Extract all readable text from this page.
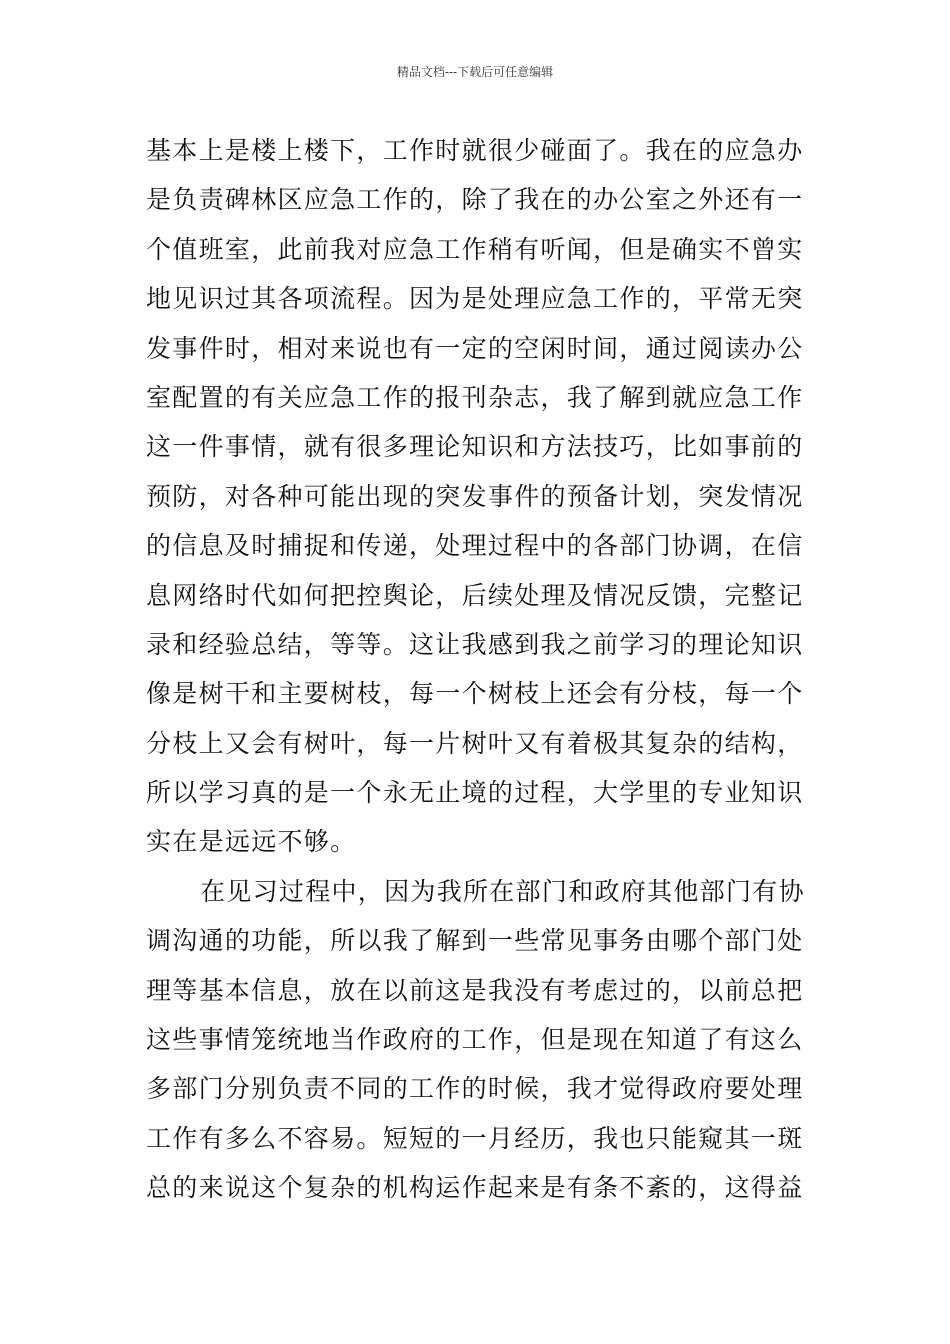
精品文档---下载后可任意编辑
基本上是楼上楼下，工作时就很少碰面了。我在的应急办
是负责碑林区应急工作的，除了我在的办公室之外还有一
个值班室，此前我对应急工作稍有听闻，但是确实不曾实
地见识过其各项流程。因为是处理应急工作的，平常无突
发事件时，相对来说也有一定的空闲时间，通过阅读办公
室配置的有关应急工作的报刊杂志，我了解到就应急工作
这一件事情，就有很多理论知识和方法技巧，比如事前的
预防，对各种可能出现的突发事件的预备计划，突发情况
的信息及时捕捉和传递，处理过程中的各部门协调，在信
息网络时代如何把控舆论，后续处理及情况反馈，完整记
录和经验总结，等等。这让我感到我之前学习的理论知识
像是树干和主要树枝，每一个树枝上还会有分枝，每一个
分枝上又会有树叶，每一片树叶又有着极其复杂的结构，
所以学习真的是一个永无止境的过程，大学里的专业知识
实在是远远不够。
在见习过程中，因为我所在部门和政府其他部门有协
调沟通的功能，所以我了解到一些常见事务由哪个部门处
理等基本信息，放在以前这是我没有考虑过的，以前总把
这些事情笼统地当作政府的工作，但是现在知道了有这么
多部门分别负责不同的工作的时候，我才觉得政府要处理
工作有多么不容易。短短的一月经历，我也只能窥其一斑
总的来说这个复杂的机构运作起来是有条不紊的，这得益
